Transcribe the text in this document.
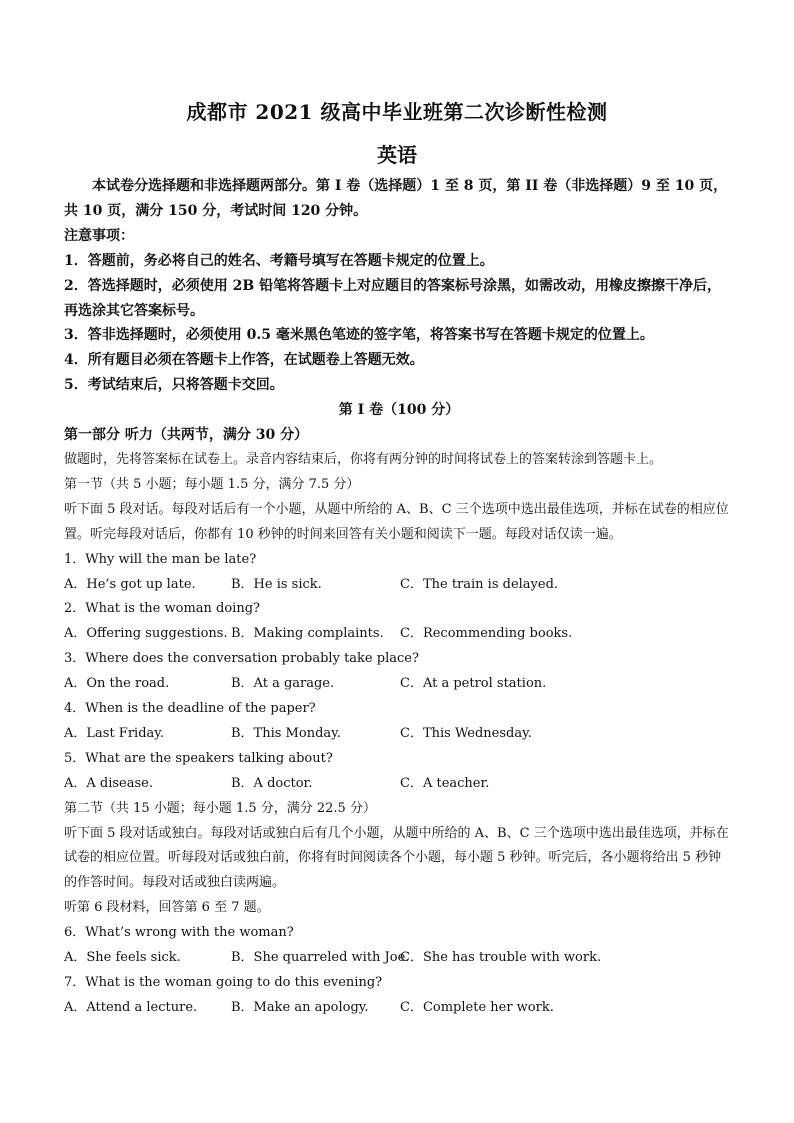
成都市 2021 级高中毕业班第二次诊断性检测
英语
本试卷分选择题和非选择题两部分。第 I 卷（选择题）1 至 8 页，第 II 卷（非选择题）9 至 10 页，共 10 页，满分 150 分，考试时间 120 分钟。
注意事项：
1．答题前，务必将自己的姓名、考籍号填写在答题卡规定的位置上。
2．答选择题时，必须使用 2B 铅笔将答题卡上对应题目的答案标号涂黑，如需改动，用橡皮擦擦干净后，再选涂其它答案标号。
3．答非选择题时，必须使用 0.5 毫米黑色笔迹的签字笔，将答案书写在答题卡规定的位置上。
4．所有题目必须在答题卡上作答，在试题卷上答题无效。
5．考试结束后，只将答题卡交回。
第 I 卷（100 分）
第一部分 听力（共两节，满分 30 分）
做题时，先将答案标在试卷上。录音内容结束后，你将有两分钟的时间将试卷上的答案转涂到答题卡上。
第一节（共 5 小题；每小题 1.5 分，满分 7.5 分）
听下面 5 段对话。每段对话后有一个小题，从题中所给的 A、B、C 三个选项中选出最佳选项，并标在试卷的相应位置。听完每段对话后，你都有 10 秒钟的时间来回答有关小题和阅读下一题。每段对话仅读一遍。
1．Why will the man be late?
A．He’s got up late.	B．He is sick.	C．The train is delayed.
2．What is the woman doing?
A．Offering suggestions. B．Making complaints.	C．Recommending books.
3．Where does the conversation probably take place?
A．On the road.	B．At a garage.	C．At a petrol station.
4．When is the deadline of the paper?
A．Last Friday.	B．This Monday.	C．This Wednesday.
5．What are the speakers talking about?
A．A disease.	B．A doctor.	C．A teacher.
第二节（共 15 小题；每小题 1.5 分，满分 22.5 分）
听下面 5 段对话或独白。每段对话或独白后有几个小题，从题中所给的 A、B、C 三个选项中选出最佳选项，并标在试卷的相应位置。听每段对话或独白前，你将有时间阅读各个小题，每小题 5 秒钟。听完后，各小题将给出 5 秒钟的作答时间。每段对话或独白读两遍。
听第 6 段材料，回答第 6 至 7 题。
6．What’s wrong with the woman?
A．She feels sick.	B．She quarreled with Joe.
C．She has trouble with work.
7．What is the woman going to do this evening?
A．Attend a lecture.	B．Make an apology.	C．Complete her work.
